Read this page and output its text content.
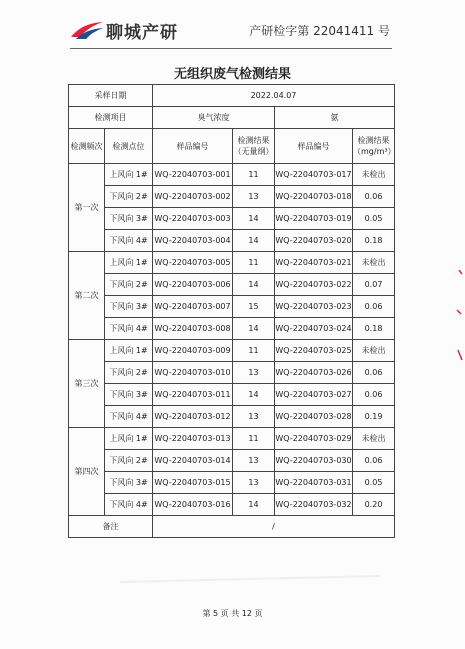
聊城产研	产研检字第 22041411 号
无组织废气检测结果
采样日期		2022.04.07			
检测项目		臭气浓度		氨	
检测频次	检测点位	样品编号	检测结果（无量纲）	样品编号	检测结果（mg/m³）
第一次	上风向 1#	WQ-22040703-001	11	WQ-22040703-017	未检出
	下风向 2#	WQ-22040703-002	13	WQ-22040703-018	0.06
	下风向 3#	WQ-22040703-003	14	WQ-22040703-019	0.05
	下风向 4#	WQ-22040703-004	14	WQ-22040703-020	0.18
第二次	上风向 1#	WQ-22040703-005	11	WQ-22040703-021	未检出
	下风向 2#	WQ-22040703-006	14	WQ-22040703-022	0.07
	下风向 3#	WQ-22040703-007	15	WQ-22040703-023	0.06
	下风向 4#	WQ-22040703-008	14	WQ-22040703-024	0.18
第三次	上风向 1#	WQ-22040703-009	11	WQ-22040703-025	未检出
	下风向 2#	WQ-22040703-010	13	WQ-22040703-026	0.06
	下风向 3#	WQ-22040703-011	14	WQ-22040703-027	0.06
	下风向 4#	WQ-22040703-012	13	WQ-22040703-028	0.19
第四次	上风向 1#	WQ-22040703-013	11	WQ-22040703-029	未检出
	下风向 2#	WQ-22040703-014	13	WQ-22040703-030	0.06
	下风向 3#	WQ-22040703-015	13	WQ-22040703-031	0.05
	下风向 4#	WQ-22040703-016	14	WQ-22040703-032	0.20
备注		/			
第 5 页 共 12 页
